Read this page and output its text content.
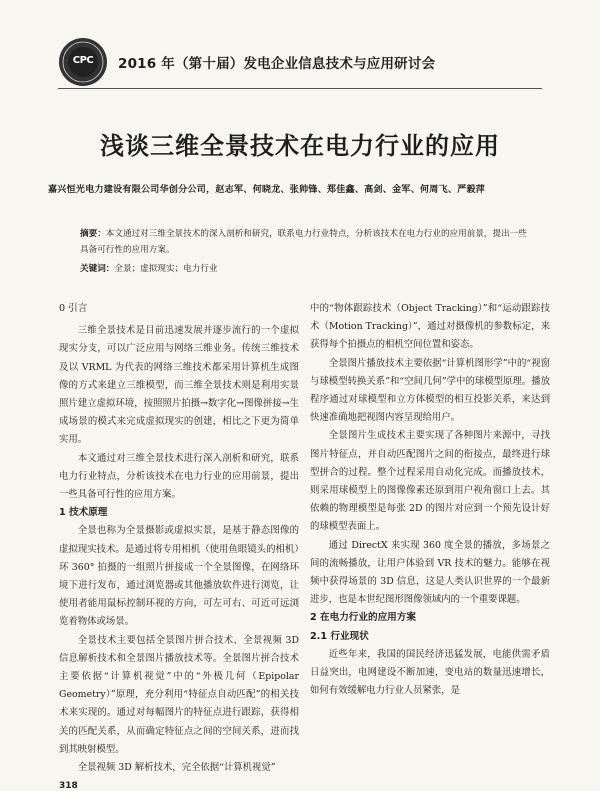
CPC	2016 年（第十届）发电企业信息技术与应用研讨会
浅谈三维全景技术在电力行业的应用
嘉兴恒光电力建设有限公司华创分公司，赵志军、何晓龙、张帅锋、郑佳鑫、高剑、金军、何周飞、严毅萍
摘要：本文通过对三维全景技术的深入剖析和研究，联系电力行业特点，分析该技术在电力行业的应用前景，提出一些具备可行性的应用方案。
关键词：全景；虚拟现实；电力行业
0 引言

三维全景技术是目前迅速发展并逐步流行的一个虚拟现实分支，可以广泛应用与网络三维业务。传统三维技术及以 VRML 为代表的网络三维技术都采用计算机生成图像的方式来建立三维模型，而三维全景技术则是利用实景照片建立虚拟环境，按照照片拍摄→数字化→图像拼接→生成场景的模式来完成虚拟现实的创建，相比之下更为简单实用。

本文通过对三维全景技术进行深入剖析和研究，联系电力行业特点，分析该技术在电力行业的应用前景，提出一些具备可行性的应用方案。

1 技术原理

全景也称为全景摄影或虚拟实景，是基于静态图像的虚拟现实技术。是通过将专用相机（使用鱼眼镜头的相机）环 360° 拍摄的一组照片拼接成一个全景图像，在网络环境下进行发布，通过浏览器或其他播放软件进行浏览，让使用者能用鼠标控制环视的方向，可左可右、可近可远浏览着物体或场景。

全景技术主要包括全景图片拼合技术、全景视频 3D 信息解析技术和全景图片播放技术等。全景图片拼合技术主要依据“计算机视觉”中的“外极几何（Epipolar Geometry）”原理，充分利用“特征点自动匹配”的相关技术来实现的。通过对每幅图片的特征点进行跟踪，获得相关的匹配关系，从而确定特征点之间的空间关系，进而找到其映射模型。

全景视频 3D 解析技术，完全依据“计算机视觉”

中的“物体跟踪技术（Object Tracking）”和“运动跟踪技术（Motion Tracking）”，通过对摄像机的参数标定，来获得每个拍摄点的相机空间位置和姿态。

全景图片播放技术主要依据“计算机图形学”中的“视窗与球模型转换关系”和“空间几何”学中的球模型原理。播放程序通过对球模型和立方体模型的相互投影关系，来达到快速准确地把视图内容呈现给用户。

全景图片生成技术主要实现了各种图片来源中，寻找图片特征点，并自动匹配图片之间的衔接点，最终进行球型拼合的过程。整个过程采用自动化完成。而播放技术，则采用球模型上的图像像素还原到用户视角窗口上去。其依赖的物理模型是每张 2D 的图片对应到一个预先设计好的球模型表面上。

通过 DirectX 来实现 360 度全景的播放，多场景之间的流畅播放，让用户体验到 VR 技术的魅力。能够在视频中获得场景的 3D 信息，这是人类认识世界的一个最新进步，也是本世纪图形图像领域内的一个重要课题。

2 在电力行业的应用方案
2.1 行业现状

近些年来，我国的国民经济迅猛发展，电能供需矛盾日益突出，电网建设不断加速，变电站的数量迅速增长，如何有效缓解电力行业人员紧张，是

318
